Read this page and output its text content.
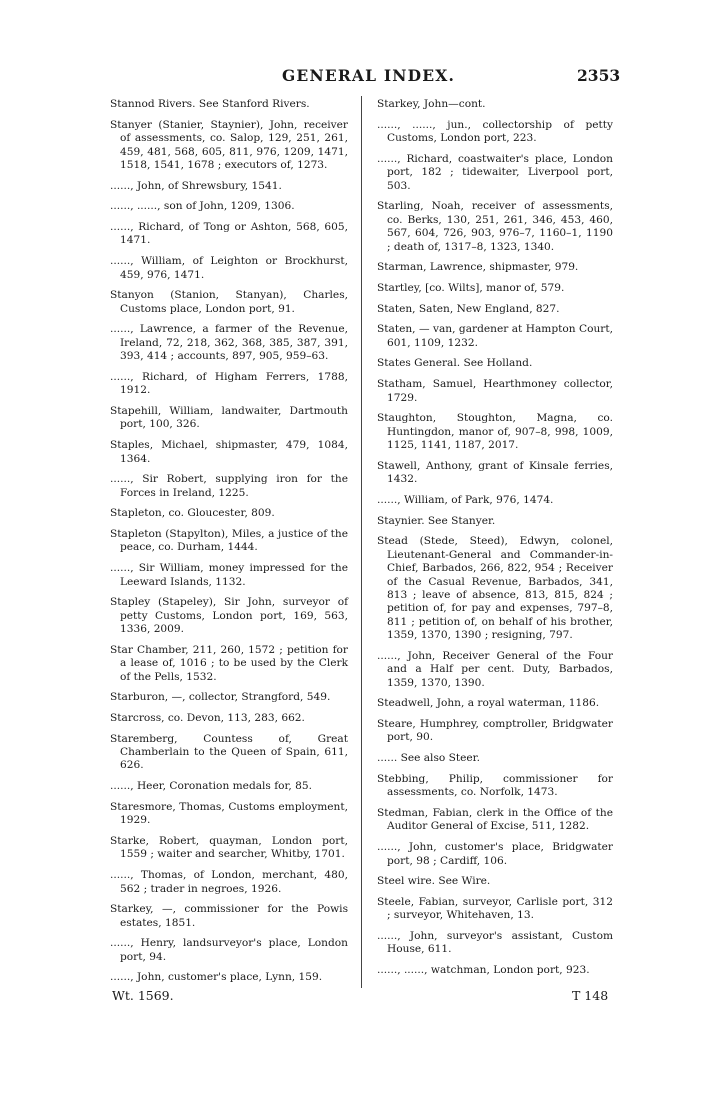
GENERAL INDEX.	2353

Stannod Rivers. See Stanford Rivers.

Stanyer (Stanier, Staynier), John, receiver of assessments, co. Salop, 129, 251, 261, 459, 481, 568, 605, 811, 976, 1209, 1471, 1518, 1541, 1678 ; executors of, 1273.

......, John, of Shrewsbury, 1541.

......, ......, son of John, 1209, 1306.

......, Richard, of Tong or Ashton, 568, 605, 1471.

......, William, of Leighton or Brockhurst, 459, 976, 1471.

Stanyon (Stanion, Stanyan), Charles, Customs place, London port, 91.

......, Lawrence, a farmer of the Revenue, Ireland, 72, 218, 362, 368, 385, 387, 391, 393, 414 ; accounts, 897, 905, 959–63.

......, Richard, of Higham Ferrers, 1788, 1912.

Stapehill, William, landwaiter, Dartmouth port, 100, 326.

Staples, Michael, shipmaster, 479, 1084, 1364.

......, Sir Robert, supplying iron for the Forces in Ireland, 1225.

Stapleton, co. Gloucester, 809.

Stapleton (Stapylton), Miles, a justice of the peace, co. Durham, 1444.

......, Sir William, money impressed for the Leeward Islands, 1132.

Stapley (Stapeley), Sir John, surveyor of petty Customs, London port, 169, 563, 1336, 2009.

Star Chamber, 211, 260, 1572 ; petition for a lease of, 1016 ; to be used by the Clerk of the Pells, 1532.

Starburon, —, collector, Strangford, 549.

Starcross, co. Devon, 113, 283, 662.

Staremberg, Countess of, Great Chamberlain to the Queen of Spain, 611, 626.

......, Heer, Coronation medals for, 85.

Staresmore, Thomas, Customs employment, 1929.

Starke, Robert, quayman, London port, 1559 ; waiter and searcher, Whitby, 1701.

......, Thomas, of London, merchant, 480, 562 ; trader in negroes, 1926.

Starkey, —, commissioner for the Powis estates, 1851.

......, Henry, landsurveyor's place, London port, 94.

......, John, customer's place, Lynn, 159.

Starkey, John—cont.

......, ......, jun., collectorship of petty Customs, London port, 223.

......, Richard, coastwaiter's place, London port, 182 ; tidewaiter, Liverpool port, 503.

Starling, Noah, receiver of assessments, co. Berks, 130, 251, 261, 346, 453, 460, 567, 604, 726, 903, 976–7, 1160–1, 1190 ; death of, 1317–8, 1323, 1340.

Starman, Lawrence, shipmaster, 979.

Startley, [co. Wilts], manor of, 579.

Staten, Saten, New England, 827.

Staten, — van, gardener at Hampton Court, 601, 1109, 1232.

States General. See Holland.

Statham, Samuel, Hearthmoney collector, 1729.

Staughton, Stoughton, Magna, co. Huntingdon, manor of, 907–8, 998, 1009, 1125, 1141, 1187, 2017.

Stawell, Anthony, grant of Kinsale ferries, 1432.

......, William, of Park, 976, 1474.

Staynier. See Stanyer.

Stead (Stede, Steed), Edwyn, colonel, Lieutenant-General and Commander-in-Chief, Barbados, 266, 822, 954 ; Receiver of the Casual Revenue, Barbados, 341, 813 ; leave of absence, 813, 815, 824 ; petition of, for pay and expenses, 797–8, 811 ; petition of, on behalf of his brother, 1359, 1370, 1390 ; resigning, 797.

......, John, Receiver General of the Four and a Half per cent. Duty, Barbados, 1359, 1370, 1390.

Steadwell, John, a royal waterman, 1186.

Steare, Humphrey, comptroller, Bridgwater port, 90.

...... See also Steer.

Stebbing, Philip, commissioner for assessments, co. Norfolk, 1473.

Stedman, Fabian, clerk in the Office of the Auditor General of Excise, 511, 1282.

......, John, customer's place, Bridgwater port, 98 ; Cardiff, 106.

Steel wire. See Wire.

Steele, Fabian, surveyor, Carlisle port, 312 ; surveyor, Whitehaven, 13.

......, John, surveyor's assistant, Custom House, 611.

......, ......, watchman, London port, 923.

Wt. 1569.	T 148
